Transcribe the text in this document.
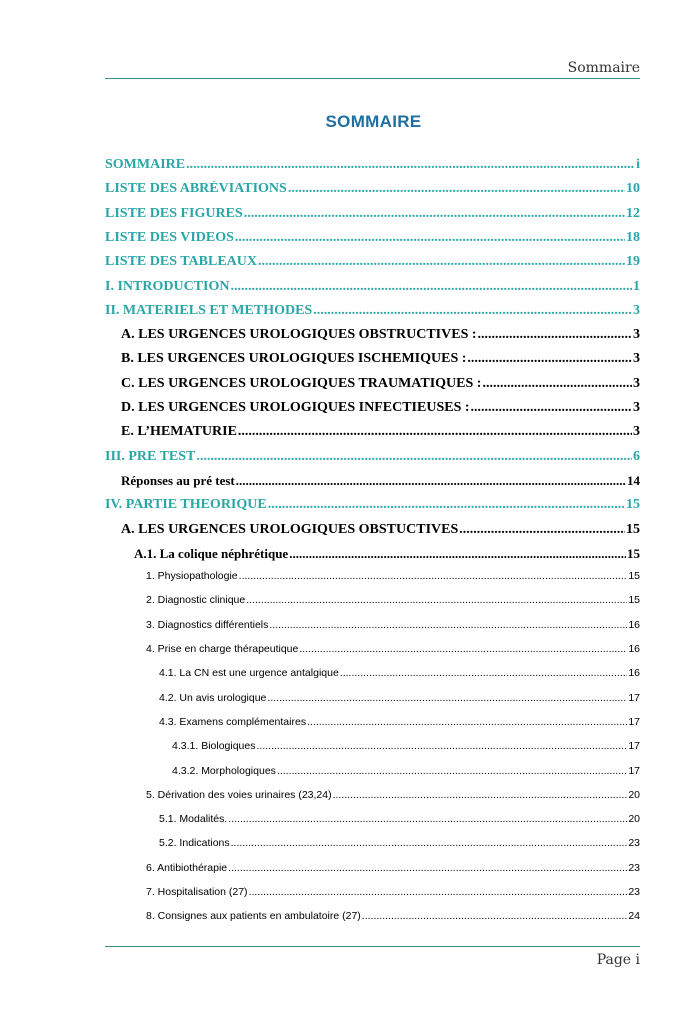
Sommaire
SOMMAIRE
SOMMAIRE .....	i
LISTE DES ABRÉVIATIONS .....	10
LISTE DES FIGURES .....	12
LISTE DES VIDEOS .....	18
LISTE DES TABLEAUX .....	19
I. INTRODUCTION .....	1
II. MATERIELS ET METHODES .....	3
A. LES URGENCES UROLOGIQUES OBSTRUCTIVES : .....	3
B. LES URGENCES UROLOGIQUES ISCHEMIQUES : .....	3
C. LES URGENCES UROLOGIQUES TRAUMATIQUES : .....	3
D. LES URGENCES UROLOGIQUES INFECTIEUSES : .....	3
E. L’HEMATURIE .....	3
III. PRE TEST .....	6
Réponses au pré test .....	14
IV. PARTIE THEORIQUE .....	15
A. LES URGENCES UROLOGIQUES OBSTUCTIVES .....	15
A.1. La colique néphrétique .....	15
1. Physiopathologie .....	15
2. Diagnostic clinique .....	15
3. Diagnostics différentiels .....	16
4. Prise en charge thérapeutique .....	16
4.1. La CN est une urgence antalgique .....	16
4.2. Un avis urologique .....	17
4.3. Examens complémentaires .....	17
4.3.1. Biologiques .....	17
4.3.2. Morphologiques .....	17
5. Dérivation des voies urinaires (23,24) .....	20
5.1. Modalités. .....	20
5.2. Indications .....	23
6. Antibiothérapie .....	23
7. Hospitalisation (27) .....	23
8. Consignes aux patients en ambulatoire (27) .....	24
Page i
